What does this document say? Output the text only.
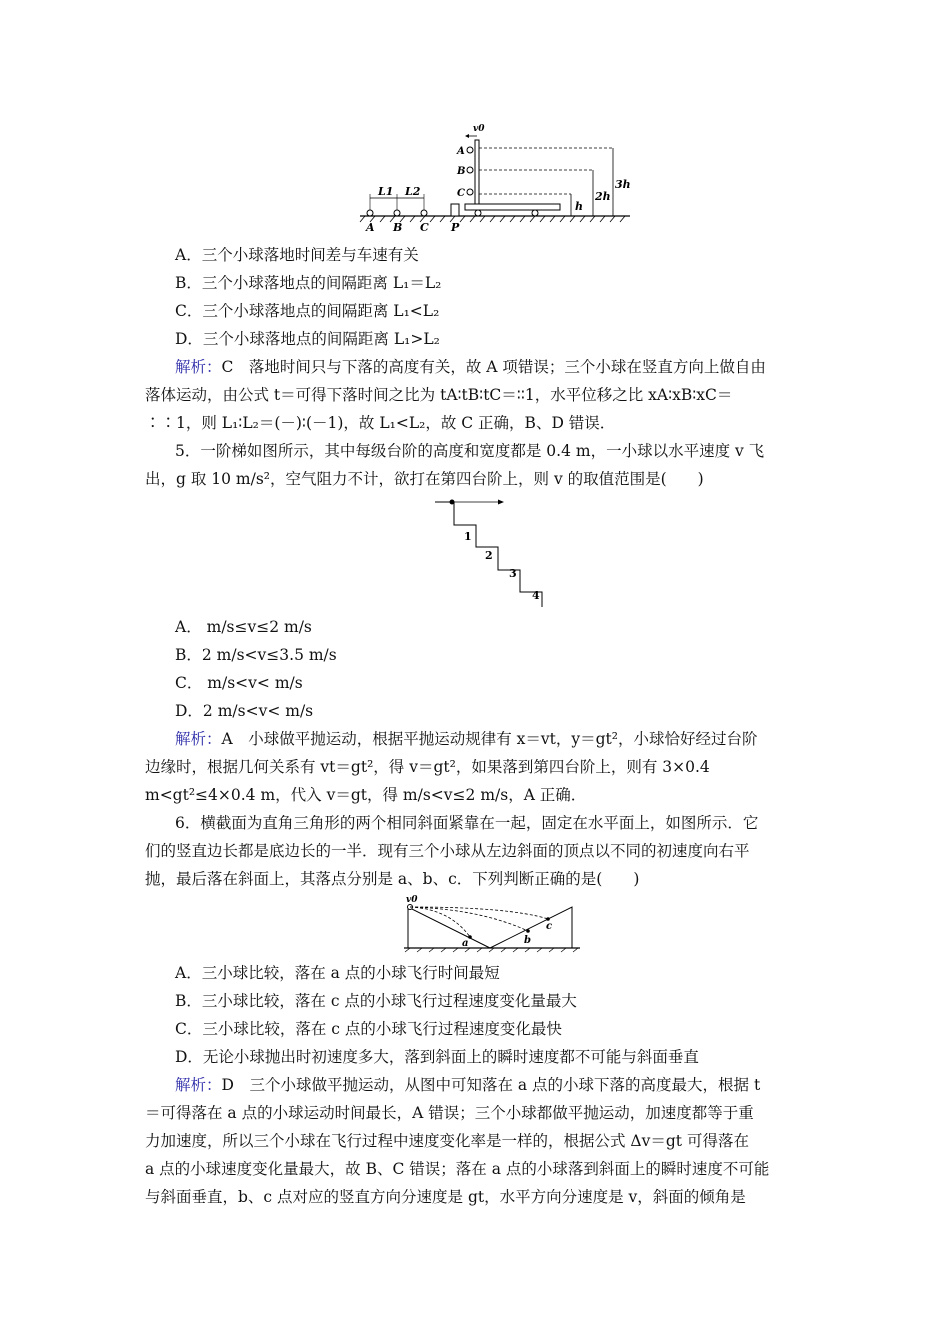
L1 L2
A B C P
A
B
C
v0
h
2h
3h
A．三个小球落地时间差与车速有关
B．三个小球落地点的间隔距离 L₁＝L₂
C．三个小球落地点的间隔距离 L₁<L₂
D．三个小球落地点的间隔距离 L₁>L₂
解析：C　落地时间只与下落的高度有关，故 A 项错误；三个小球在竖直方向上做自由
落体运动，由公式 t＝可得下落时间之比为 tA∶tB∶tC＝∶∶1，水平位移之比 xA∶xB∶xC＝
∶∶1，则 L₁∶L₂＝(－)∶(－1)，故 L₁<L₂，故 C 正确，B、D 错误．
5．一阶梯如图所示，其中每级台阶的高度和宽度都是 0.4 m，一小球以水平速度 v 飞
出，g 取 10 m/s²，空气阻力不计，欲打在第四台阶上，则 v 的取值范围是(　　)
1
2
3
4
A． m/s≤v≤2 m/s
B．2 m/s<v≤3.5 m/s
C． m/s<v< m/s
D．2 m/s<v< m/s
解析：A　小球做平抛运动，根据平抛运动规律有 x＝vt，y＝gt²，小球恰好经过台阶
边缘时，根据几何关系有 vt＝gt²，得 v＝gt²，如果落到第四台阶上，则有 3×0.4
m<gt²≤4×0.4 m，代入 v＝gt，得 m/s<v≤2 m/s，A 正确．
6．横截面为直角三角形的两个相同斜面紧靠在一起，固定在水平面上，如图所示．它
们的竖直边长都是底边长的一半．现有三个小球从左边斜面的顶点以不同的初速度向右平
抛，最后落在斜面上，其落点分别是 a、b、c．下列判断正确的是(　　)
v0
a	b
c
A．三小球比较，落在 a 点的小球飞行时间最短
B．三小球比较，落在 c 点的小球飞行过程速度变化量最大
C．三小球比较，落在 c 点的小球飞行过程速度变化最快
D．无论小球抛出时初速度多大，落到斜面上的瞬时速度都不可能与斜面垂直
解析：D　三个小球做平抛运动，从图中可知落在 a 点的小球下落的高度最大，根据 t
＝可得落在 a 点的小球运动时间最长，A 错误；三个小球都做平抛运动，加速度都等于重
力加速度，所以三个小球在飞行过程中速度变化率是一样的，根据公式 Δv＝gt 可得落在
a 点的小球速度变化量最大，故 B、C 错误；落在 a 点的小球落到斜面上的瞬时速度不可能
与斜面垂直，b、c 点对应的竖直方向分速度是 gt，水平方向分速度是 v，斜面的倾角是
